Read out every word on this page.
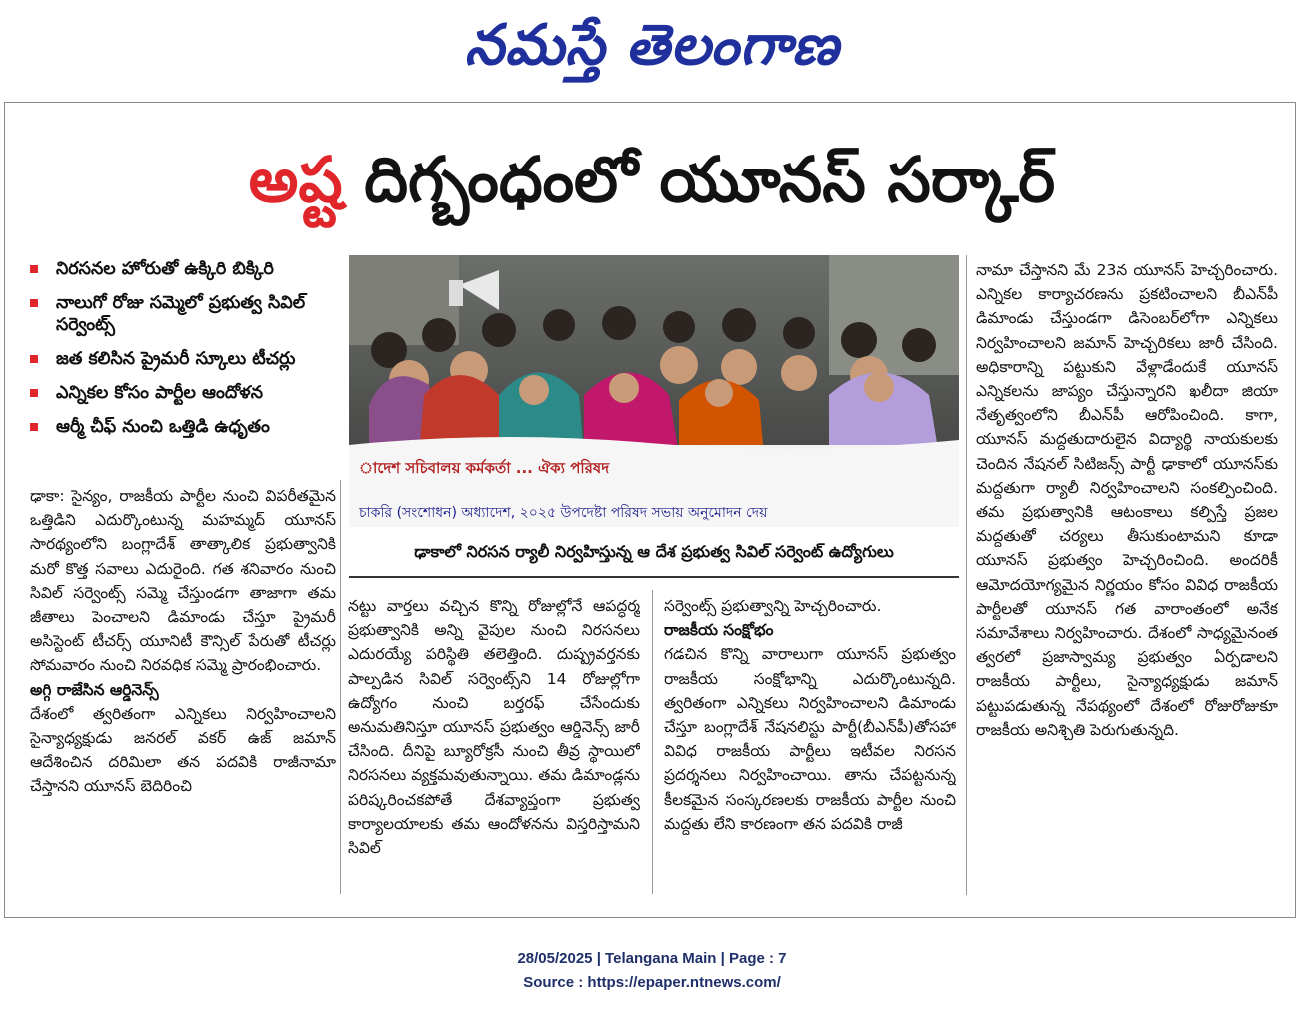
నమస్తే తెలంగాణ
అష్ట దిగ్బంధంలో యూనస్ సర్కార్
నిరసనల హోరుతో ఉక్కిరి బిక్కిరి
నాలుగో రోజు సమ్మెలో ప్రభుత్వ సివిల్ సర్వెంట్స్
జత కలిసిన ప్రైమరీ స్కూలు టీచర్లు
ఎన్నికల కోసం పార్టీల ఆందోళన
ఆర్మీ చీఫ్ నుంచి ఒత్తిడి ఉధృతం
াদেশ সচিবালয় কর্মকর্তা ... ঐক্য পরিষদ
চাকরি (সংশোধন) অধ্যাদেশ, ২০২৫ উপদেষ্টা পরিষদ সভায় অনুমোদন দেয়
ఢాకాలో నిరసన ర్యాలీ నిర్వహిస్తున్న ఆ దేశ ప్రభుత్వ సివిల్ సర్వెంట్ ఉద్యోగులు

ఢాకా: సైన్యం, రాజకీయ పార్టీల నుంచి విపరీతమైన ఒత్తిడిని ఎదుర్కొంటున్న మహమ్మద్ యూనస్ సారథ్యంలోని బంగ్లాదేశ్ తాత్కాలిక ప్రభుత్వానికి మరో కొత్త సవాలు ఎదురైంది. గత శనివారం నుంచి సివిల్ సర్వెంట్స్ సమ్మె చేస్తుండగా తాజాగా తమ జీతాలు పెంచాలని డిమాండు చేస్తూ ప్రైమరీ అసిస్టెంట్ టీచర్స్ యూనిటీ కౌన్సిల్ పేరుతో టీచర్లు సోమవారం నుంచి నిరవధిక సమ్మె ప్రారంభించారు.

అగ్గి రాజేసిన ఆర్డినెన్స్

దేశంలో త్వరితంగా ఎన్నికలు నిర్వహించాలని సైన్యాధ్యక్షుడు జనరల్ వకర్ ఉజ్ జమాన్ ఆదేశించిన దరిమిలా తన పదవికి రాజీనామా చేస్తానని యూనస్ బెదిరించి

నట్టు వార్తలు వచ్చిన కొన్ని రోజుల్లోనే ఆపద్ధర్మ ప్రభుత్వానికి అన్ని వైపుల నుంచి నిరసనలు ఎదురయ్యే పరిస్థితి తలెత్తింది. దుష్ప్రవర్తనకు పాల్పడిన సివిల్ సర్వెంట్స్‌ని 14 రోజుల్లోగా ఉద్యోగం నుంచి బర్తరఫ్ చేసేందుకు అనుమతినిస్తూ యూనస్ ప్రభుత్వం ఆర్డినెన్స్ జారీ చేసింది. దీనిపై బ్యూరోక్రసీ నుంచి తీవ్ర స్థాయిలో నిరసనలు వ్యక్తమవుతున్నాయి. తమ డిమాండ్లను పరిష్కరించకపోతే దేశవ్యాప్తంగా ప్రభుత్వ కార్యాలయాలకు తమ ఆందోళనను విస్తరిస్తామని సివిల్

సర్వెంట్స్ ప్రభుత్వాన్ని హెచ్చరించారు.

రాజకీయ సంక్షోభం

గడచిన కొన్ని వారాలుగా యూనస్ ప్రభుత్వం రాజకీయ సంక్షోభాన్ని ఎదుర్కొంటున్నది. త్వరితంగా ఎన్నికలు నిర్వహించాలని డిమాండు చేస్తూ బంగ్లాదేశ్ నేషనలిస్టు పార్టీ(బీఎన్‌పీ)తోసహా వివిధ రాజకీయ పార్టీలు ఇటీవల నిరసన ప్రదర్శనలు నిర్వహించాయి. తాను చేపట్టనున్న కీలకమైన సంస్కరణలకు రాజకీయ పార్టీల నుంచి మద్దతు లేని కారణంగా తన పదవికి రాజీ

నామా చేస్తానని మే 23న యూనస్ హెచ్చరించారు. ఎన్నికల కార్యాచరణను ప్రకటించాలని బీఎన్‌పీ డిమాండు చేస్తుండగా డిసెంబర్‌లోగా ఎన్నికలు నిర్వహించాలని జమాన్ హెచ్చరికలు జారీ చేసింది. అధికారాన్ని పట్టుకుని వేళ్లాడేందుకే యూనస్ ఎన్నికలను జాప్యం చేస్తున్నారని ఖలీదా జియా నేతృత్వంలోని బీఎన్‌పీ ఆరోపించింది. కాగా, యూనస్ మద్దతుదారులైన విద్యార్థి నాయకులకు చెందిన నేషనల్ సిటిజన్స్ పార్టీ ఢాకాలో యూనస్‌కు మద్దతుగా ర్యాలీ నిర్వహించాలని సంకల్పించింది. తమ ప్రభుత్వానికి ఆటంకాలు కల్పిస్తే ప్రజల మద్దతుతో చర్యలు తీసుకుంటామని కూడా యూనస్ ప్రభుత్వం హెచ్చరించింది. అందరికీ ఆమోదయోగ్యమైన నిర్ణయం కోసం వివిధ రాజకీయ పార్టీలతో యూనస్ గత వారాంతంలో అనేక సమావేశాలు నిర్వహించారు. దేశంలో సాధ్యమైనంత త్వరలో ప్రజాస్వామ్య ప్రభుత్వం ఏర్పడాలని రాజకీయ పార్టీలు, సైన్యాధ్యక్షుడు జమాన్ పట్టుపడుతున్న నేపథ్యంలో దేశంలో రోజురోజుకూ రాజకీయ అనిశ్చితి పెరుగుతున్నది.

28/05/2025 | Telangana Main | Page : 7
Source : https://epaper.ntnews.com/
